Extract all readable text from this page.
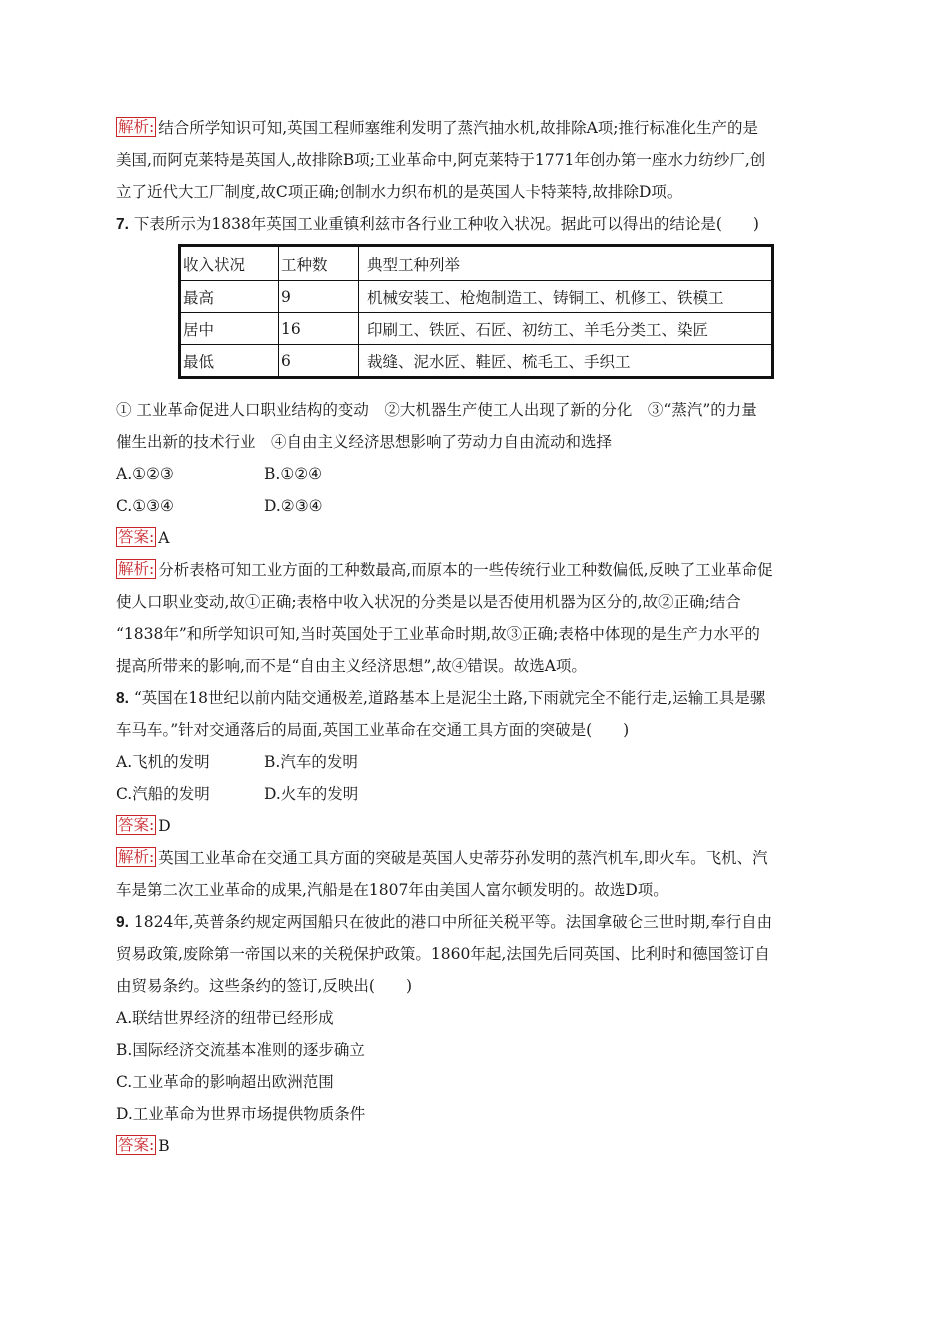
解析: 结合所学知识可知,英国工程师塞维利发明了蒸汽抽水机,故排除A项;推行标准化生产的是
美国,而阿克莱特是英国人,故排除B项;工业革命中,阿克莱特于1771年创办第一座水力纺纱厂,创
立了近代大工厂制度,故C项正确;创制水力织布机的是英国人卡特莱特,故排除D项。
7. 下表所示为1838年英国工业重镇利兹市各行业工种收入状况。据此可以得出的结论是(　　)
① 工业革命促进人口职业结构的变动　②大机器生产使工人出现了新的分化　③“蒸汽”的力量
催生出新的技术行业　④自由主义经济思想影响了劳动力自由流动和选择
A.①②③	B.①②④
C.①③④	D.②③④
答案: A
解析: 分析表格可知工业方面的工种数最高,而原本的一些传统行业工种数偏低,反映了工业革命促
使人口职业变动,故①正确;表格中收入状况的分类是以是否使用机器为区分的,故②正确;结合
“1838年”和所学知识可知,当时英国处于工业革命时期,故③正确;表格中体现的是生产力水平的
提高所带来的影响,而不是“自由主义经济思想”,故④错误。故选A项。
8. “英国在18世纪以前内陆交通极差,道路基本上是泥尘土路,下雨就完全不能行走,运输工具是骡
车马车。”针对交通落后的局面,英国工业革命在交通工具方面的突破是(　　)
A.飞机的发明	B.汽车的发明
C.汽船的发明	D.火车的发明
答案: D
解析: 英国工业革命在交通工具方面的突破是英国人史蒂芬孙发明的蒸汽机车,即火车。飞机、汽
车是第二次工业革命的成果,汽船是在1807年由美国人富尔顿发明的。故选D项。
9. 1824年,英普条约规定两国船只在彼此的港口中所征关税平等。法国拿破仑三世时期,奉行自由
贸易政策,废除第一帝国以来的关税保护政策。1860年起,法国先后同英国、比利时和德国签订自
由贸易条约。这些条约的签订,反映出(　　)
A.联结世界经济的纽带已经形成
B.国际经济交流基本准则的逐步确立
C.工业革命的影响超出欧洲范围
D.工业革命为世界市场提供物质条件
答案: B
收入状况	工种数	典型工种列举
最高	9	机械安装工、枪炮制造工、铸铜工、机修工、铁模工
居中	16	印刷工、铁匠、石匠、初纺工、羊毛分类工、染匠
最低	6	裁缝、泥水匠、鞋匠、梳毛工、手织工
